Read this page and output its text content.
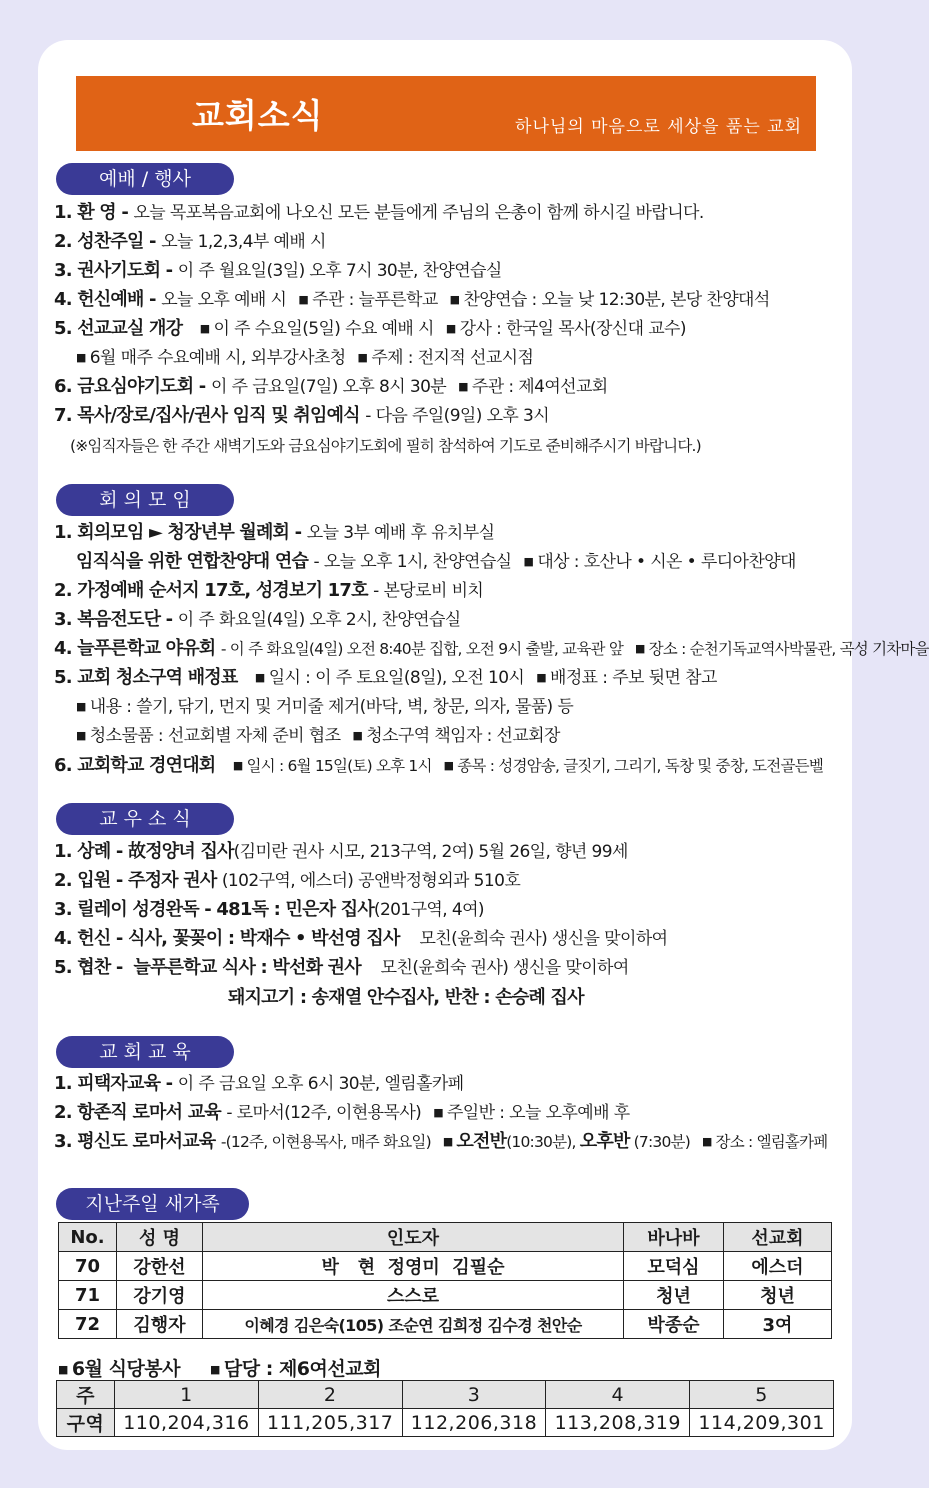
교회소식	하나님의 마음으로 세상을 품는 교회
예배 / 행사
1. 환 영 - 오늘 목포복음교회에 나오신 모든 분들에게 주님의 은총이 함께 하시길 바랍니다.
2. 성찬주일 - 오늘 1,2,3,4부 예배 시
3. 권사기도회 - 이 주 월요일(3일) 오후 7시 30분, 찬양연습실
4. 헌신예배 - 오늘 오후 예배 시 ■ 주관 : 늘푸른학교 ■ 찬양연습 : 오늘 낮 12:30분, 본당 찬양대석
5. 선교교실 개강 ■ 이 주 수요일(5일) 수요 예배 시 ■ 강사 : 한국일 목사(장신대 교수)
■ 6월 매주 수요예배 시, 외부강사초청 ■ 주제 : 전지적 선교시점
6. 금요심야기도회 - 이 주 금요일(7일) 오후 8시 30분 ■ 주관 : 제4여선교회
7. 목사/장로/집사/권사 임직 및 취임예식 - 다음 주일(9일) 오후 3시
(※임직자들은 한 주간 새벽기도와 금요심야기도회에 필히 참석하여 기도로 준비해주시기 바랍니다.)
회 의 모 임
1. 회의모임 ► 청장년부 월례회 - 오늘 3부 예배 후 유치부실
임직식을 위한 연합찬양대 연습 - 오늘 오후 1시, 찬양연습실 ■ 대상 : 호산나 • 시온 • 루디아찬양대
2. 가정예배 순서지 17호, 성경보기 17호 - 본당로비 비치
3. 복음전도단 - 이 주 화요일(4일) 오후 2시, 찬양연습실
4. 늘푸른학교 야유회 - 이 주 화요일(4일) 오전 8:40분 집합, 오전 9시 출발, 교육관 앞 ■ 장소 : 순천기독교역사박물관, 곡성 기차마을
5. 교회 청소구역 배정표 ■ 일시 : 이 주 토요일(8일), 오전 10시 ■ 배정표 : 주보 뒷면 참고
■ 내용 : 쓸기, 닦기, 먼지 및 거미줄 제거(바닥, 벽, 창문, 의자, 물품) 등
■ 청소물품 : 선교회별 자체 준비 협조 ■ 청소구역 책임자 : 선교회장
6. 교회학교 경연대회 ■ 일시 : 6월 15일(토) 오후 1시 ■ 종목 : 성경암송, 글짓기, 그리기, 독창 및 중창, 도전골든벨
교 우 소 식
1. 상례 - 故정양녀 집사(김미란 권사 시모, 213구역, 2여) 5월 26일, 향년 99세
2. 입원 - 주정자 권사 (102구역, 에스더) 공앤박정형외과 510호
3. 릴레이 성경완독 - 481독 : 민은자 집사(201구역, 4여)
4. 헌신 - 식사, 꽃꽂이 : 박재수 • 박선영 집사    모친(윤희숙 권사) 생신을 맞이하여
5. 협찬 -  늘푸른학교 식사 : 박선화 권사    모친(윤희숙 권사) 생신을 맞이하여
돼지고기 : 송재열 안수집사, 반찬 : 손승례 집사
교 회 교 육
1. 피택자교육 - 이 주 금요일 오후 6시 30분, 엘림홀카페
2. 항존직 로마서 교육 - 로마서(12주, 이현용목사) ■ 주일반 : 오늘 오후예배 후
3. 평신도 로마서교육 -(12주, 이현용목사, 매주 화요일) ■ 오전반(10:30분), 오후반 (7:30분) ■ 장소 : 엘림홀카페
지난주일 새가족
No.	성 명	인도자	바나바	선교회
70	강한선	박   현  정영미  김필순	모덕심	에스더
71	강기영	스스로	청년	청년
72	김행자	이혜경 김은숙(105) 조순연 김희정 김수경 천안순	박종순	3여
■ 6월 식당봉사	■ 담당 : 제6여선교회
주	1	2	3	4	5
구역	110,204,316	111,205,317	112,206,318	113,208,319	114,209,301
